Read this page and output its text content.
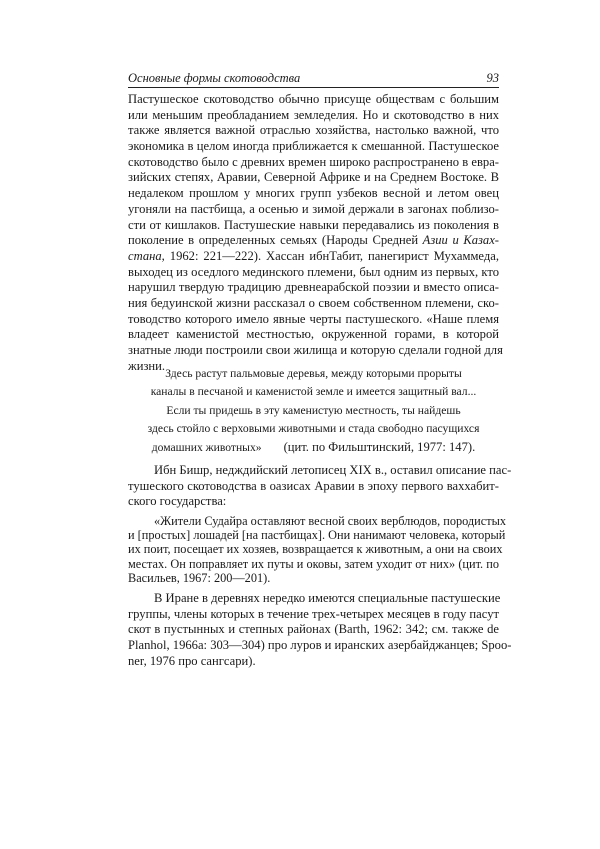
Основные формы скотоводства	93
Пастушеское скотоводство обычно присуще обществам с большим
или меньшим преобладанием земледелия. Но и скотоводство в них
также является важной отраслью хозяйства, настолько важной, что
экономика в целом иногда приближается к смешанной. Пастушеское
скотоводство было с древних времен широко распространено в евра-
зийских степях, Аравии, Северной Африке и на Среднем Востоке. В
недалеком прошлом у многих групп узбеков весной и летом овец
угоняли на пастбища, а осенью и зимой держали в загонах поблизо-
сти от кишлаков. Пастушеские навыки передавались из поколения в
поколение в определенных семьях (Народы Средней Азии и Казах-
стана, 1962: 221—222). Хассан ибнТабит, панегирист Мухаммеда,
выходец из оседлого мединского племени, был одним из первых, кто
нарушил твердую традицию древнеарабской поэзии и вместо описа-
ния бедуинской жизни рассказал о своем собственном племени, ско-
товодство которого имело явные черты пастушеского. «Наше племя
владеет каменистой местностью, окруженной горами, в которой
знатные люди построили свои жилища и которую сделали годной для
жизни.
Здесь растут пальмовые деревья, между которыми прорыты
каналы в песчаной и каменистой земле и имеется защитный вал...
Если ты придешь в эту каменистую местность, ты найдешь
здесь стойло с верховыми животными и стада свободно пасущихся
домашних животных» (цит. по Фильштинский, 1977: 147).
Ибн Бишр, недждийский летописец XIX в., оставил описание пас-
тушеского скотоводства в оазисах Аравии в эпоху первого ваххабит-
ского государства:
«Жители Судайра оставляют весной своих верблюдов, породистых
и [простых] лошадей [на пастбищах]. Они нанимают человека, который
их поит, посещает их хозяев, возвращается к животным, а они на своих
местах. Он поправляет их путы и оковы, затем уходит от них» (цит. по
Васильев, 1967: 200—201).
В Иране в деревнях нередко имеются специальные пастушеские
группы, члены которых в течение трех-четырех месяцев в году пасут
скот в пустынных и степных районах (Barth, 1962: 342; см. также de
Planhol, 1966a: 303—304) про луров и иранских азербайджанцев; Spoo-
ner, 1976 про сангсари).
